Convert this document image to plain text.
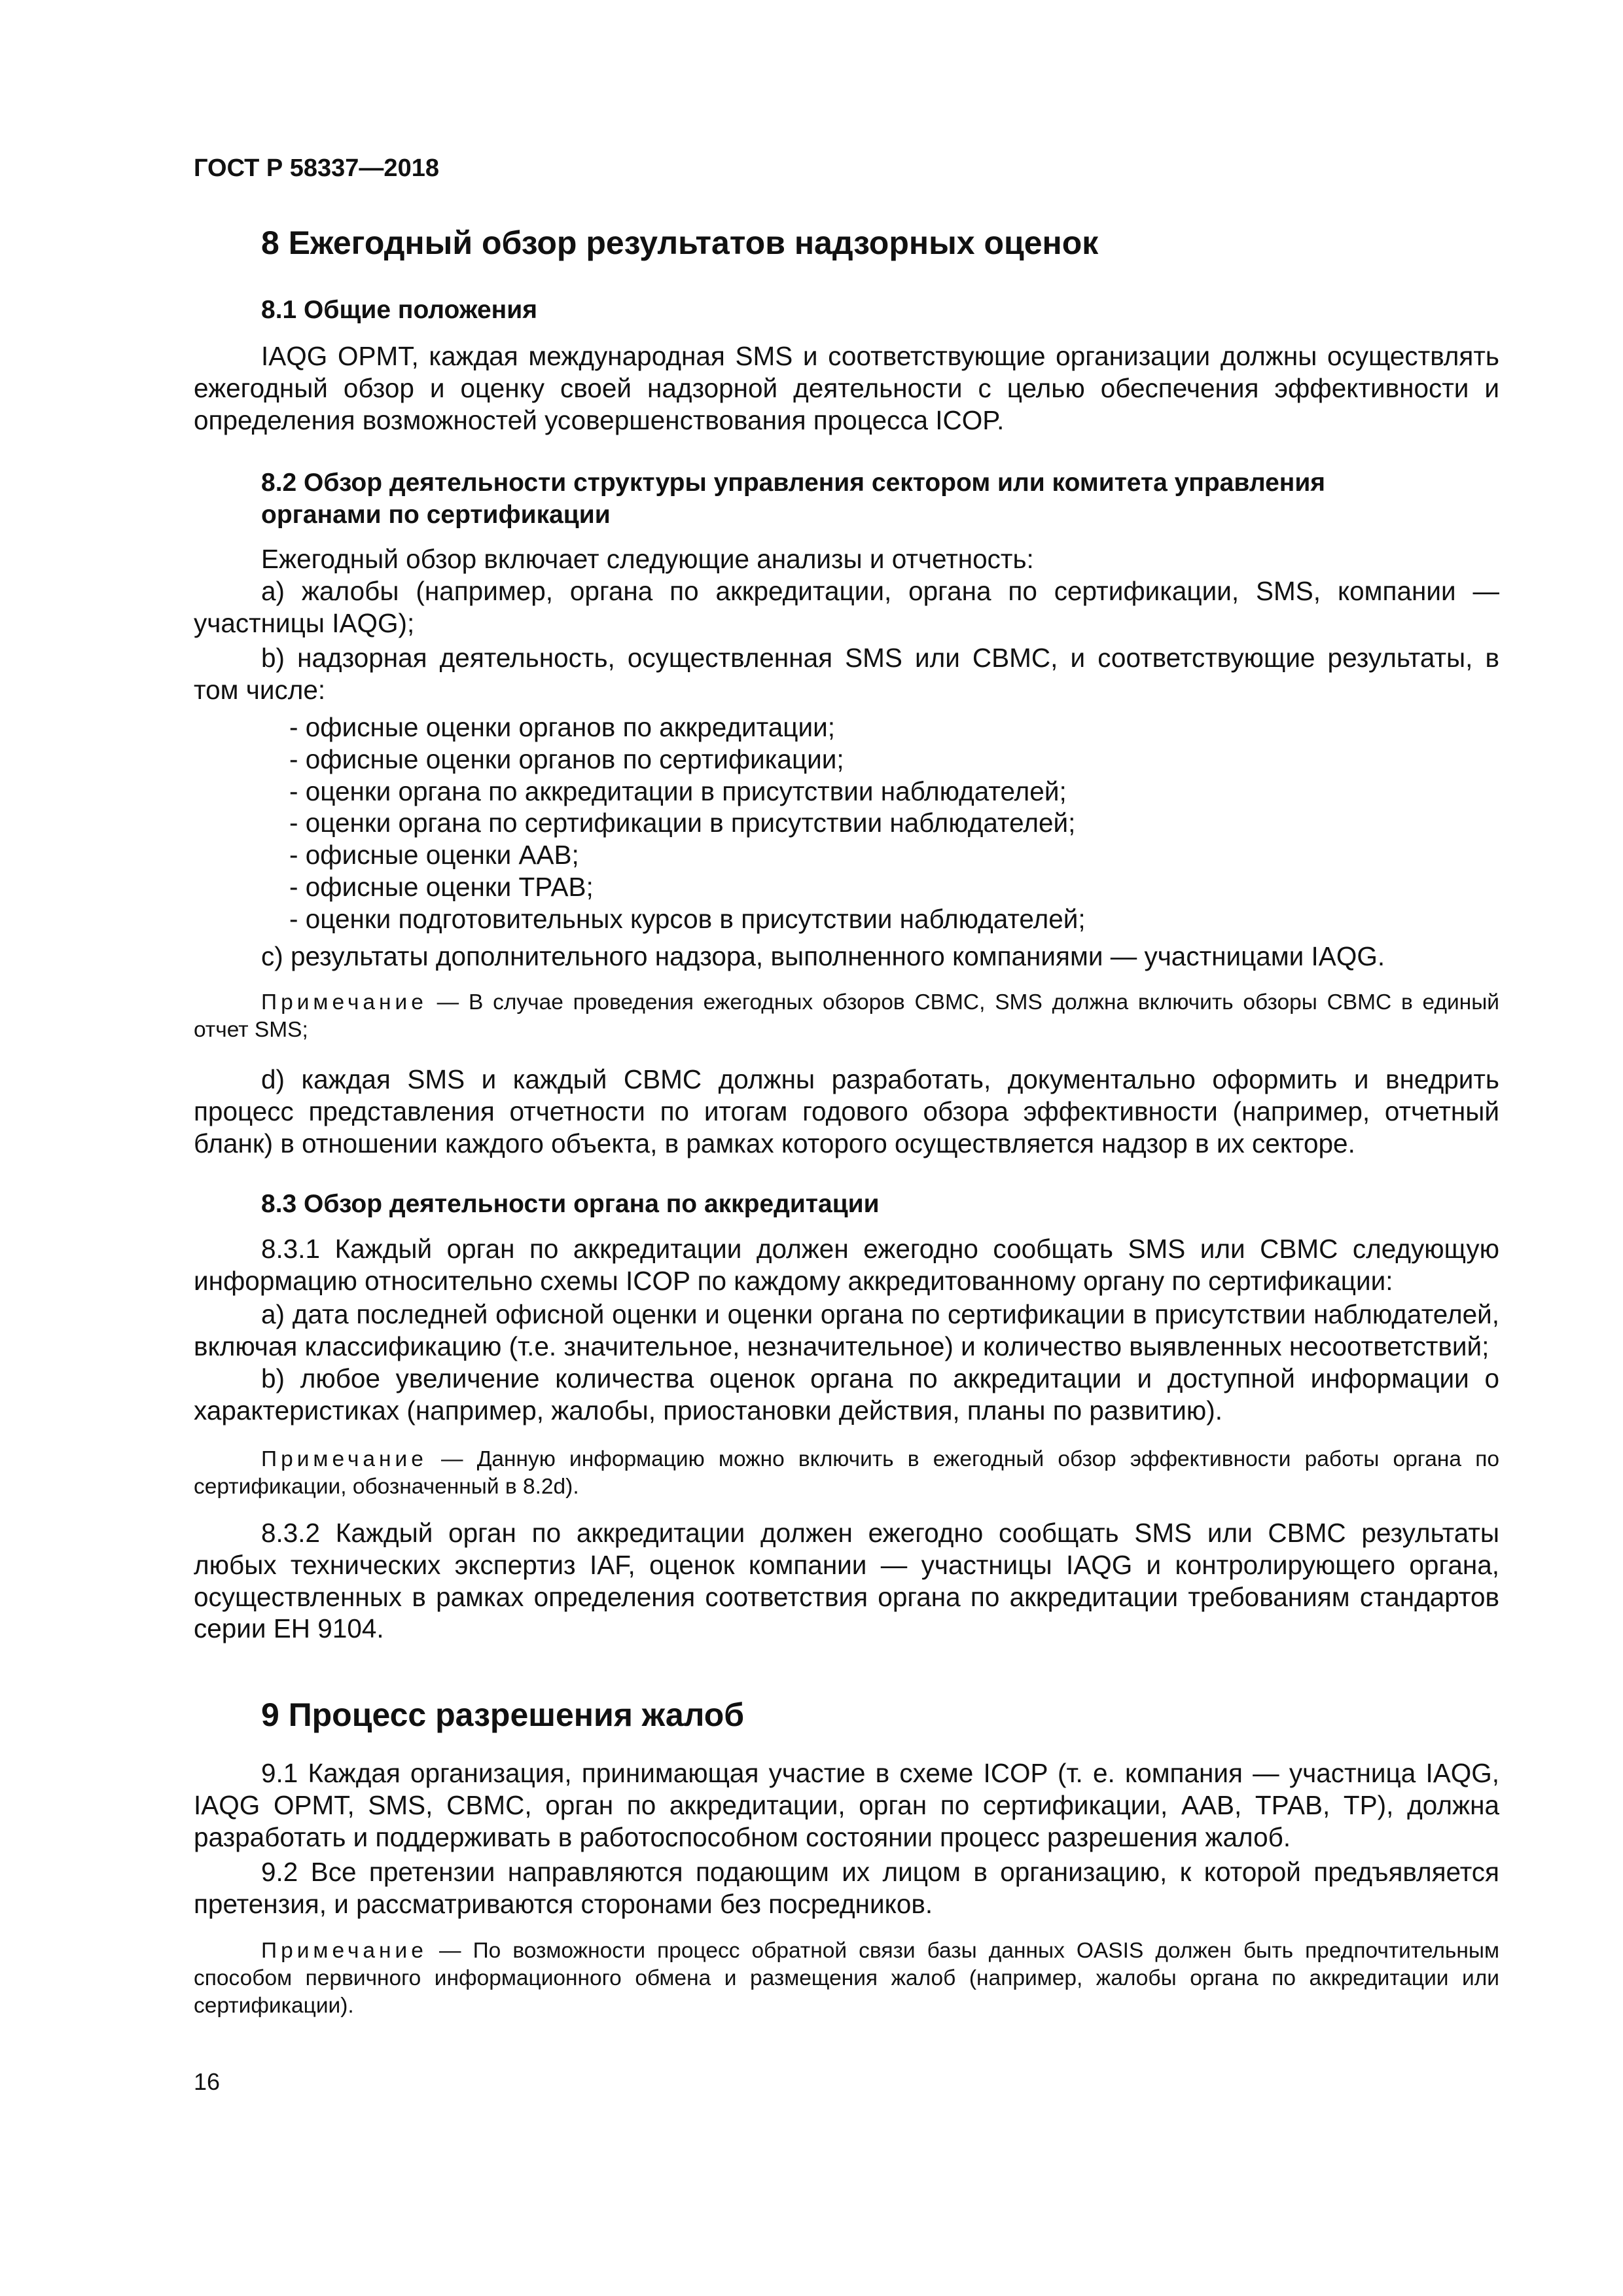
ГОСТ Р 58337—2018
8 Ежегодный обзор результатов надзорных оценок
8.1 Общие положения

IAQG OPMT, каждая международная SMS и соответствующие организации должны осуществлять ежегодный обзор и оценку своей надзорной деятельности с целью обеспечения эффективности и определения возможностей усовершенствования процесса ICOP.

8.2 Обзор деятельности структуры управления сектором или комитета управления
органами по сертификации

Ежегодный обзор включает следующие анализы и отчетность:

а) жалобы (например, органа по аккредитации, органа по сертификации, SMS, компании — участницы IAQG);

b) надзорная деятельность, осуществленная SMS или CBMC, и соответствующие результаты, в том числе:

- офисные оценки органов по аккредитации;
- офисные оценки органов по сертификации;
- оценки органа по аккредитации в присутствии наблюдателей;
- оценки органа по сертификации в присутствии наблюдателей;
- офисные оценки ААВ;
- офисные оценки ТРАВ;
- оценки подготовительных курсов в присутствии наблюдателей;

с) результаты дополнительного надзора, выполненного компаниями — участницами IAQG.

Примечание — В случае проведения ежегодных обзоров CBMC, SMS должна включить обзоры CBMC в единый отчет SMS;

d) каждая SMS и каждый CBMC должны разработать, документально оформить и внедрить процесс представления отчетности по итогам годового обзора эффективности (например, отчетный бланк) в отношении каждого объекта, в рамках которого осуществляется надзор в их секторе.

8.3 Обзор деятельности органа по аккредитации

8.3.1 Каждый орган по аккредитации должен ежегодно сообщать SMS или CBMC следующую информацию относительно схемы ICOP по каждому аккредитованному органу по сертификации:

а) дата последней офисной оценки и оценки органа по сертификации в присутствии наблюдателей, включая классификацию (т.е. значительное, незначительное) и количество выявленных несоответствий;

b) любое увеличение количества оценок органа по аккредитации и доступной информации о характеристиках (например, жалобы, приостановки действия, планы по развитию).

Примечание — Данную информацию можно включить в ежегодный обзор эффективности работы органа по сертификации, обозначенный в 8.2d).

8.3.2 Каждый орган по аккредитации должен ежегодно сообщать SMS или CBMC результаты любых технических экспертиз IAF, оценок компании — участницы IAQG и контролирующего органа, осуществленных в рамках определения соответствия органа по аккредитации требованиям стандартов серии ЕН 9104.

9 Процесс разрешения жалоб

9.1 Каждая организация, принимающая участие в схеме ICOP (т. е. компания — участница IAQG, IAQG OPMT, SMS, CBMC, орган по аккредитации, орган по сертификации, ААВ, ТРАВ, ТР), должна разработать и поддерживать в работоспособном состоянии процесс разрешения жалоб.

9.2 Все претензии направляются подающим их лицом в организацию, к которой предъявляется претензия, и рассматриваются сторонами без посредников.

Примечание — По возможности процесс обратной связи базы данных OASIS должен быть предпочтительным способом первичного информационного обмена и размещения жалоб (например, жалобы органа по аккредитации или сертификации).

16
